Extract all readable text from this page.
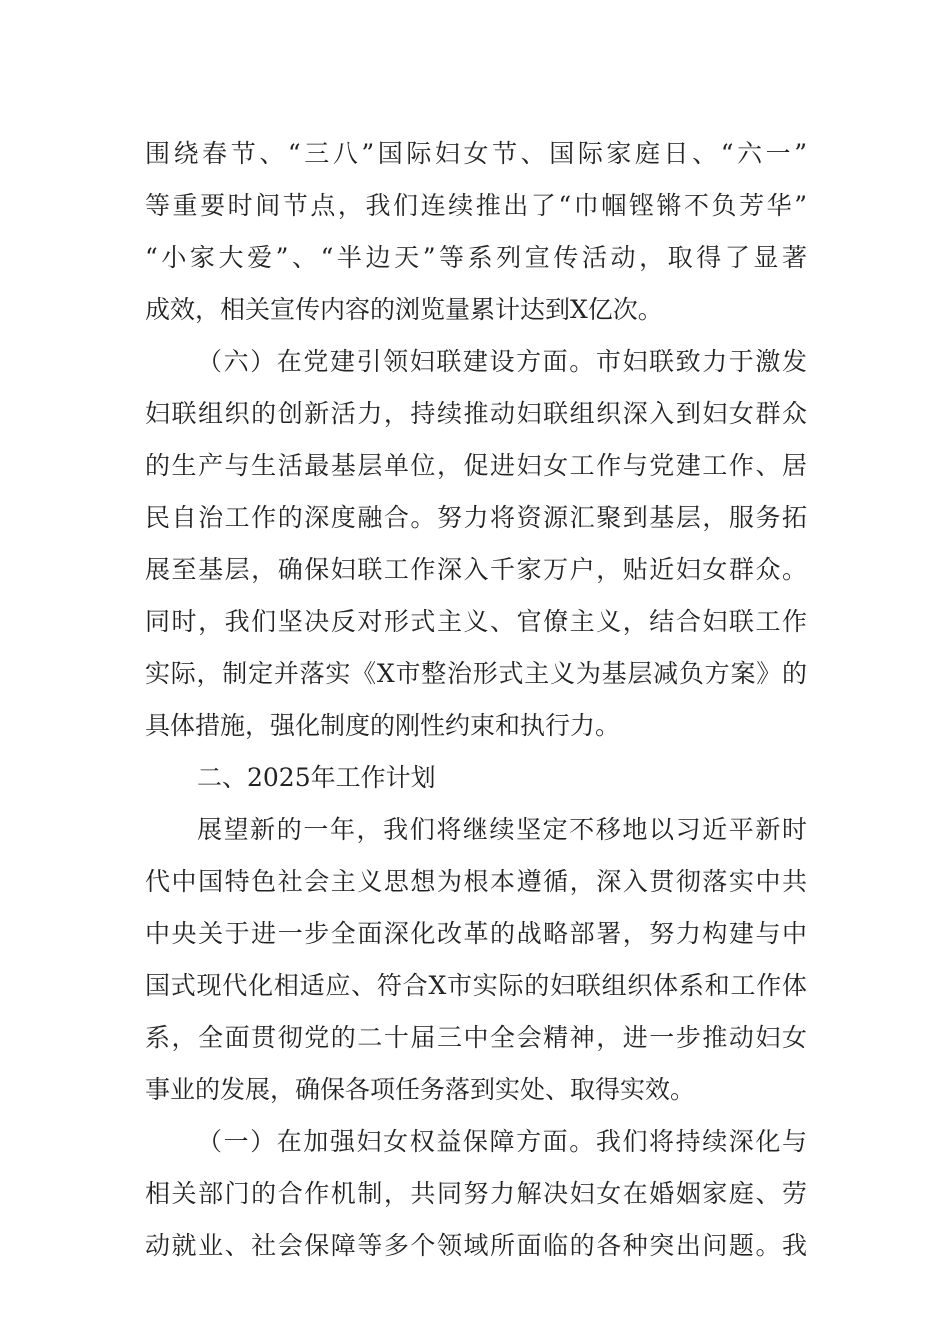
围绕春节、“三八”国际妇女节、国际家庭日、“六一”
等重要时间节点，我们连续推出了“巾帼铿锵不负芳华”
“小家大爱”、“半边天”等系列宣传活动，取得了显著
成效，相关宣传内容的浏览量累计达到X亿次。
（六）在党建引领妇联建设方面。市妇联致力于激发
妇联组织的创新活力，持续推动妇联组织深入到妇女群众
的生产与生活最基层单位，促进妇女工作与党建工作、居
民自治工作的深度融合。努力将资源汇聚到基层，服务拓
展至基层，确保妇联工作深入千家万户，贴近妇女群众。
同时，我们坚决反对形式主义、官僚主义，结合妇联工作
实际，制定并落实《X市整治形式主义为基层减负方案》的
具体措施，强化制度的刚性约束和执行力。
二、2025年工作计划
展望新的一年，我们将继续坚定不移地以习近平新时
代中国特色社会主义思想为根本遵循，深入贯彻落实中共
中央关于进一步全面深化改革的战略部署，努力构建与中
国式现代化相适应、符合X市实际的妇联组织体系和工作体
系，全面贯彻党的二十届三中全会精神，进一步推动妇女
事业的发展，确保各项任务落到实处、取得实效。
（一）在加强妇女权益保障方面。我们将持续深化与
相关部门的合作机制，共同努力解决妇女在婚姻家庭、劳
动就业、社会保障等多个领域所面临的各种突出问题。我
